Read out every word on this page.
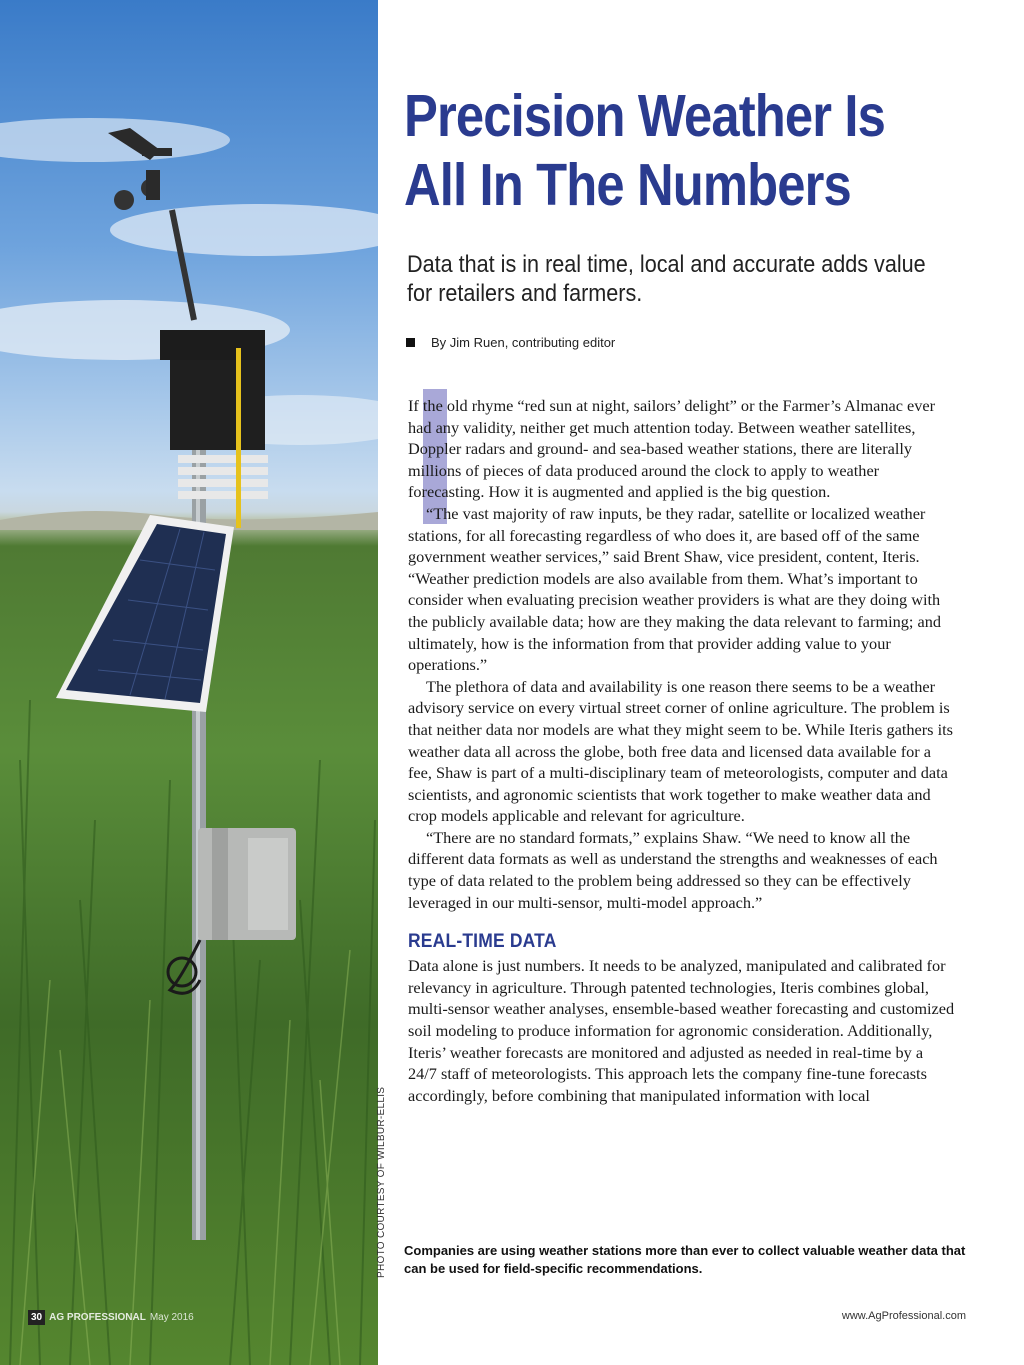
PHOTO COURTESY OF WILBUR-ELLIS
Precision Weather Is
All In The Numbers

Data that is in real time, local and accurate adds value for retailers and farmers.

By Jim Ruen, contributing editor

If the old rhyme “red sun at night, sailors’ delight” or the Farmer’s Almanac ever had any validity, neither get much attention today. Between weather satellites, Doppler radars and ground- and sea-based weather stations, there are literally millions of pieces of data produced around the clock to apply to weather forecasting. How it is augmented and applied is the big question.

“The vast majority of raw inputs, be they radar, satellite or localized weather stations, for all forecasting regardless of who does it, are based off of the same government weather services,” said Brent Shaw, vice president, content, Iteris. “Weather prediction models are also available from them. What’s important to consider when evaluating precision weather providers is what are they doing with the publicly available data; how are they making the data relevant to farming; and ultimately, how is the information from that provider adding value to your operations.”

The plethora of data and availability is one reason there seems to be a weather advisory service on every virtual street corner of online agriculture. The problem is that neither data nor models are what they might seem to be. While Iteris gathers its weather data all across the globe, both free data and licensed data available for a fee, Shaw is part of a multi-disciplinary team of meteorologists, computer and data scientists, and agronomic scientists that work together to make weather data and crop models applicable and relevant for agriculture.

“There are no standard formats,” explains Shaw. “We need to know all the different data formats as well as understand the strengths and weaknesses of each type of data related to the problem being addressed so they can be effectively leveraged in our multi-sensor, multi-model approach.”

REAL-TIME DATA

Data alone is just numbers. It needs to be analyzed, manipulated and calibrated for relevancy in agriculture. Through patented technologies, Iteris combines global, multi-sensor weather analyses, ensemble-based weather forecasting and customized soil modeling to produce information for agronomic consideration. Additionally, Iteris’ weather forecasts are monitored and adjusted as needed in real-time by a 24/7 staff of meteorologists. This approach lets the company fine-tune forecasts accordingly, before combining that manipulated information with local

Companies are using weather stations more than ever to collect valuable weather data that can be used for field-specific recommendations.

30 AG PROFESSIONAL May 2016	www.AgProfessional.com
